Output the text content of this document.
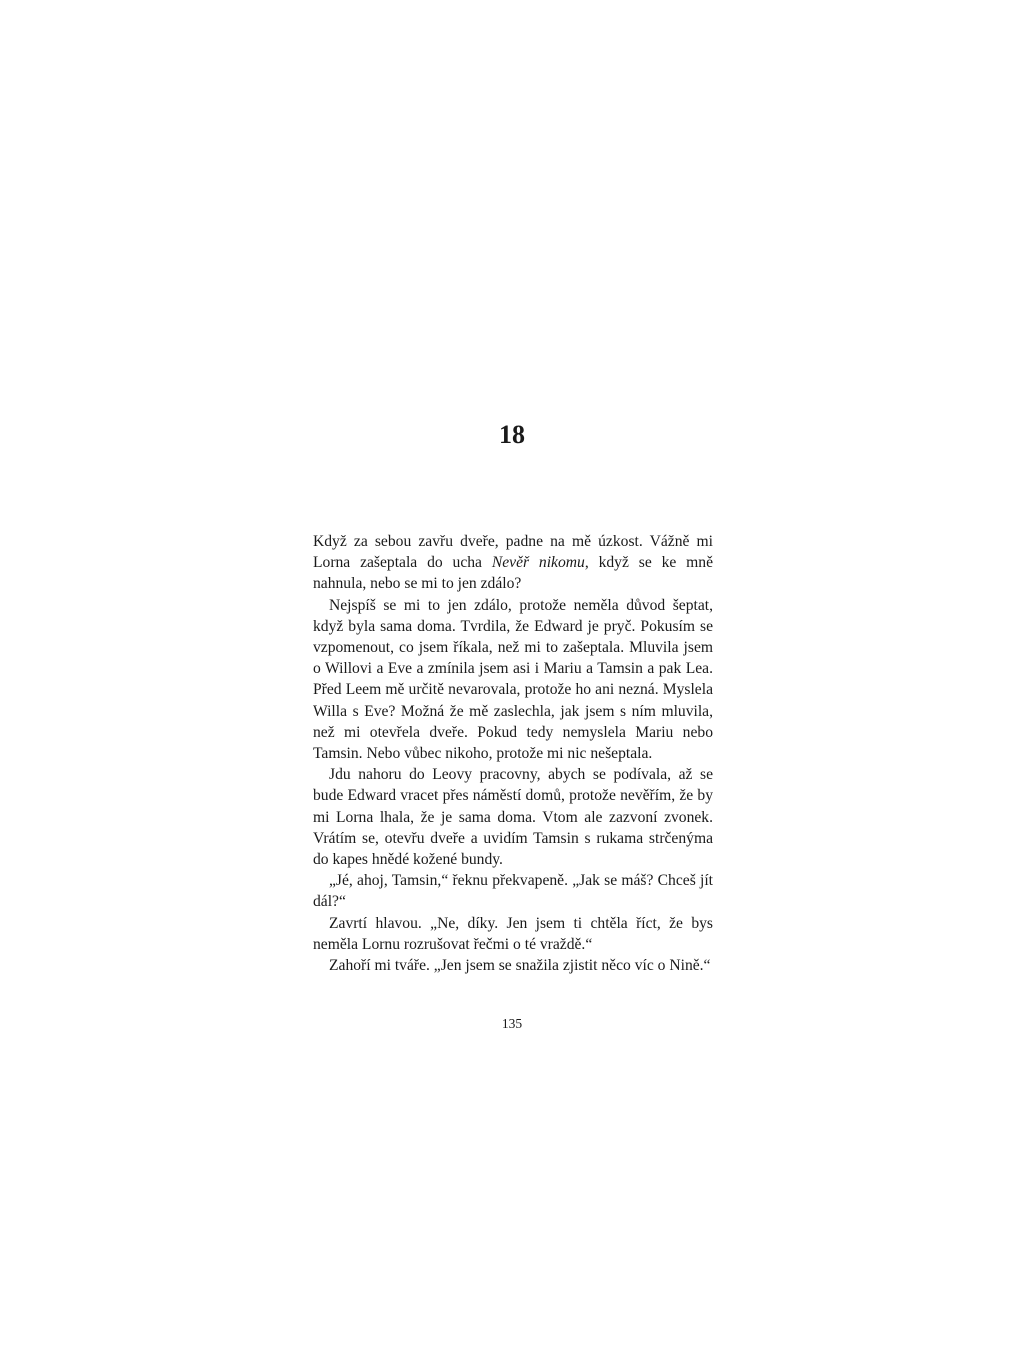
18

Když za sebou zavřu dveře, padne na mě úzkost. Vážně mi Lorna zašeptala do ucha Nevěř nikomu, když se ke mně nahnula, nebo se mi to jen zdálo?

Nejspíš se mi to jen zdálo, protože neměla důvod šeptat, když byla sama doma. Tvrdila, že Edward je pryč. Pokusím se vzpomenout, co jsem říkala, než mi to zašeptala. Mluvila jsem o Willovi a Eve a zmínila jsem asi i Mariu a Tamsin a pak Lea. Před Leem mě určitě nevarovala, protože ho ani nezná. Myslela Willa s Eve? Možná že mě zaslechla, jak jsem s ním mluvila, než mi otevřela dveře. Pokud tedy nemyslela Mariu nebo Tamsin. Nebo vůbec nikoho, protože mi nic nešeptala.

Jdu nahoru do Leovy pracovny, abych se podívala, až se bude Edward vracet přes náměstí domů, protože nevěřím, že by mi Lorna lhala, že je sama doma. Vtom ale zazvoní zvonek. Vrátím se, otevřu dveře a uvidím Tamsin s rukama strčenýma do kapes hnědé kožené bundy.

„Jé, ahoj, Tamsin,“ řeknu překvapeně. „Jak se máš? Chceš jít dál?“

Zavrtí hlavou. „Ne, díky. Jen jsem ti chtěla říct, že bys neměla Lornu rozrušovat řečmi o té vraždě.“

Zahoří mi tváře. „Jen jsem se snažila zjistit něco víc o Nině.“

135
